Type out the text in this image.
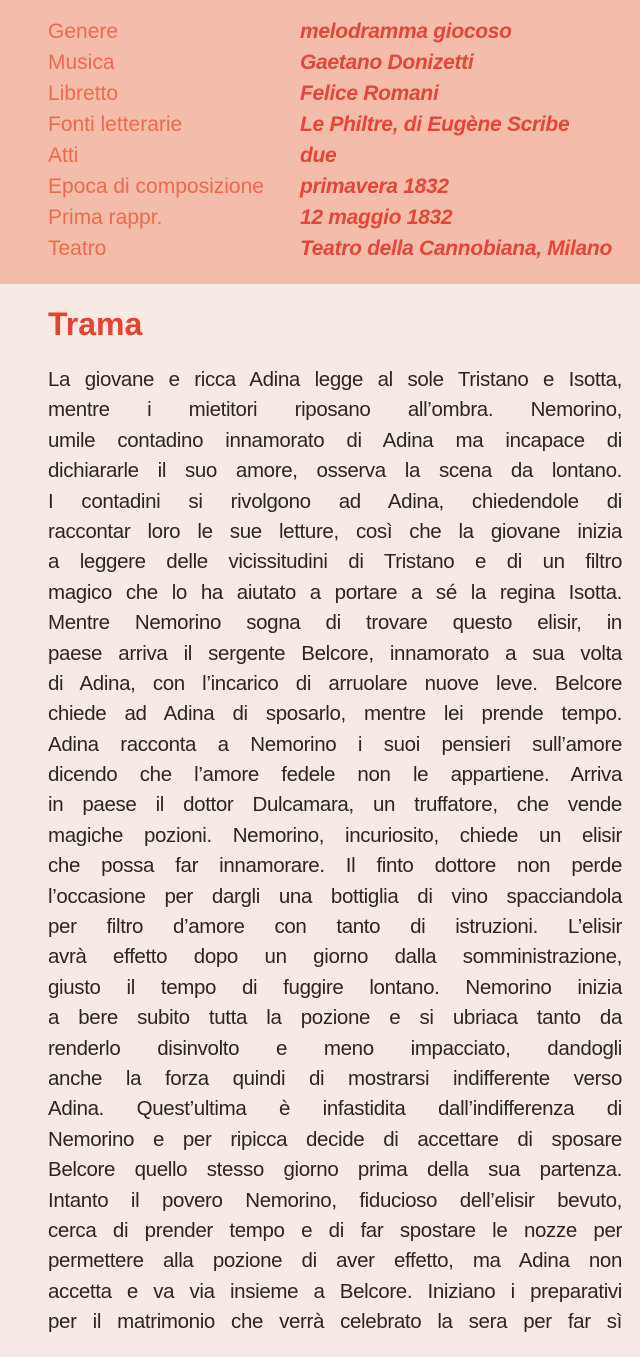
Genere	melodramma giocoso
Musica	Gaetano Donizetti
Libretto	Felice Romani
Fonti letterarie	Le Philtre, di Eugène Scribe
Atti	due
Epoca di composizione	primavera 1832
Prima rappr.	12 maggio 1832
Teatro	Teatro della Cannobiana, Milano
Trama
La giovane e ricca Adina legge al sole Tristano e Isotta,
mentre i mietitori riposano all’ombra. Nemorino,
umile contadino innamorato di Adina ma incapace di
dichiararle il suo amore, osserva la scena da lontano.
I contadini si rivolgono ad Adina, chiedendole di
raccontar loro le sue letture, così che la giovane inizia
a leggere delle vicissitudini di Tristano e di un filtro
magico che lo ha aiutato a portare a sé la regina Isotta.
Mentre Nemorino sogna di trovare questo elisir, in
paese arriva il sergente Belcore, innamorato a sua volta
di Adina, con l’incarico di arruolare nuove leve. Belcore
chiede ad Adina di sposarlo, mentre lei prende tempo.
Adina racconta a Nemorino i suoi pensieri sull’amore
dicendo che l’amore fedele non le appartiene. Arriva
in paese il dottor Dulcamara, un truffatore, che vende
magiche pozioni. Nemorino, incuriosito, chiede un elisir
che possa far innamorare. Il finto dottore non perde
l’occasione per dargli una bottiglia di vino spacciandola
per filtro d’amore con tanto di istruzioni. L’elisir
avrà effetto dopo un giorno dalla somministrazione,
giusto il tempo di fuggire lontano. Nemorino inizia
a bere subito tutta la pozione e si ubriaca tanto da
renderlo disinvolto e meno impacciato, dandogli
anche la forza quindi di mostrarsi indifferente verso
Adina. Quest’ultima è infastidita dall’indifferenza di
Nemorino e per ripicca decide di accettare di sposare
Belcore quello stesso giorno prima della sua partenza.
Intanto il povero Nemorino, fiducioso dell’elisir bevuto,
cerca di prender tempo e di far spostare le nozze per
permettere alla pozione di aver effetto, ma Adina non
accetta e va via insieme a Belcore. Iniziano i preparativi
per il matrimonio che verrà celebrato la sera per far sì
